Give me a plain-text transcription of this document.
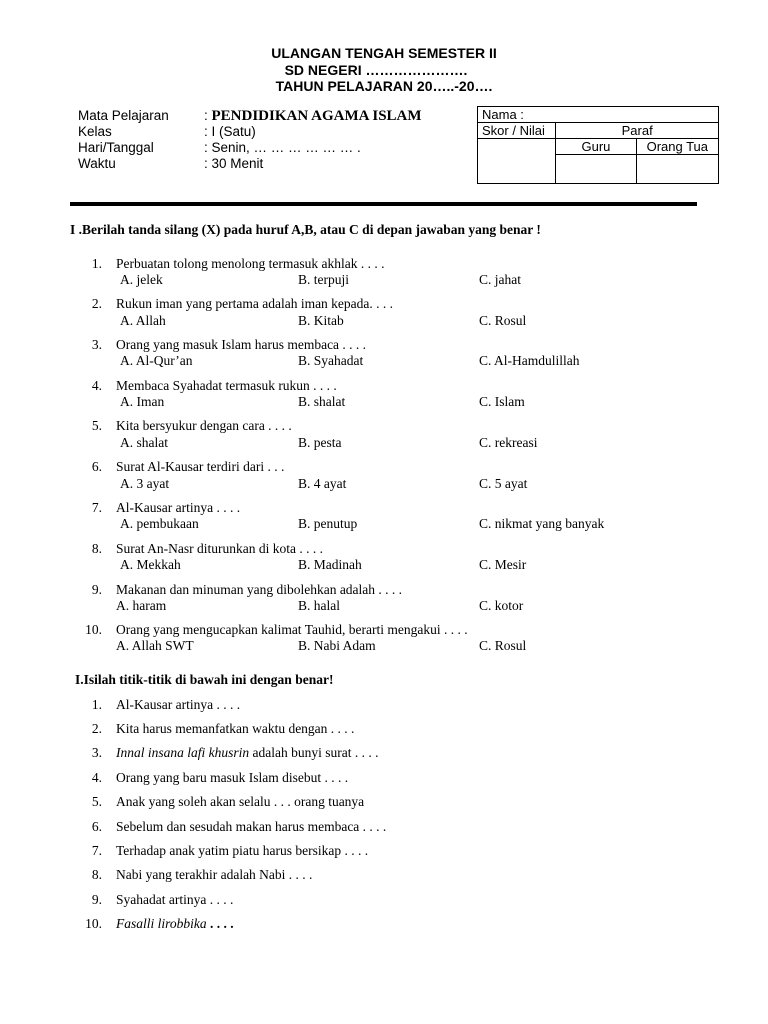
ULANGAN TENGAH SEMESTER II
SD NEGERI ………………….
TAHUN PELAJARAN 20…..-20….
Mata Pelajaran	: PENDIDIKAN AGAMA ISLAM
Kelas	: I (Satu)
Hari/Tanggal	: Senin, … … … … … … .
Waktu	: 30 Menit
Nama :		
Skor / Nilai	Paraf	
	Guru	Orang Tua

I .Berilah tanda silang (X) pada huruf A,B, atau C di depan jawaban yang benar !
1. Perbuatan tolong menolong termasuk akhlak . . . .
A. jelek	B. terpuji	C. jahat
2. Rukun iman yang pertama adalah iman kepada. . . .
A. Allah	B. Kitab	C. Rosul
3. Orang yang masuk Islam harus membaca . . . .
A. Al-Qur’an	B. Syahadat	C. Al-Hamdulillah
4. Membaca Syahadat termasuk rukun . . . .
A. Iman	B. shalat	C. Islam
5. Kita bersyukur dengan cara . . . .
A. shalat	B. pesta	C. rekreasi
6. Surat Al-Kausar terdiri dari . . .
A. 3 ayat	B. 4 ayat	C. 5 ayat
7. Al-Kausar artinya . . . .
A. pembukaan	B. penutup	C. nikmat yang banyak
8. Surat An-Nasr diturunkan di kota . . . .
A. Mekkah	B. Madinah	C. Mesir
9. Makanan dan minuman yang dibolehkan adalah . . . .
A. haram	B. halal	C. kotor
10. Orang yang mengucapkan kalimat Tauhid, berarti mengakui . . . .
A. Allah SWT	B. Nabi Adam	C. Rosul
I.Isilah titik-titik di bawah ini dengan benar!
1. Al-Kausar artinya . . . .
2. Kita harus memanfatkan waktu dengan . . . .
3. Innal insana lafi khusrin adalah bunyi surat . . . .
4. Orang yang baru masuk Islam disebut . . . .
5. Anak yang soleh akan selalu . . . orang tuanya
6. Sebelum dan sesudah makan harus membaca . . . .
7. Terhadap anak yatim piatu harus bersikap . . . .
8. Nabi yang terakhir adalah Nabi . . . .
9. Syahadat artinya . . . .
10. Fasalli lirobbika . . . .
